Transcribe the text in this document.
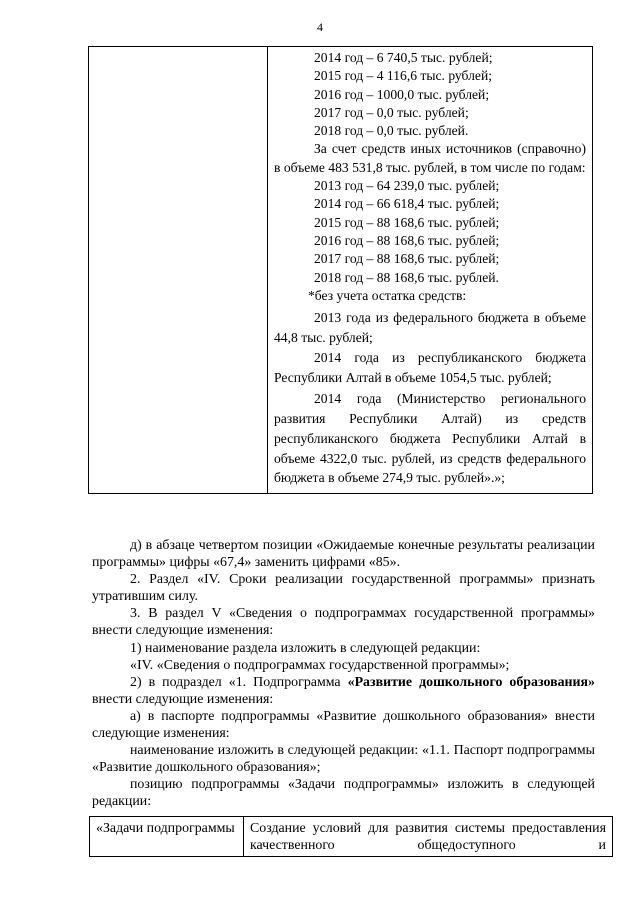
4

2014 год – 6 740,5 тыс. рублей;
2015 год – 4 116,6 тыс. рублей;
2016 год – 1000,0 тыс. рублей;
2017 год – 0,0 тыс. рублей;
2018 год – 0,0 тыс. рублей.
За счет средств иных источников (справочно) в объеме 483 531,8 тыс. рублей, в том числе по годам:
2013 год – 64 239,0 тыс. рублей;
2014 год – 66 618,4 тыс. рублей;
2015 год – 88 168,6 тыс. рублей;
2016 год – 88 168,6 тыс. рублей;
2017 год – 88 168,6 тыс. рублей;
2018 год – 88 168,6 тыс. рублей.
*без учета остатка средств:
2013 года из федерального бюджета в объеме 44,8 тыс. рублей;
2014 года из республиканского бюджета Республики Алтай в объеме 1054,5 тыс. рублей;
2014 года (Министерство регионального развития Республики Алтай) из средств республиканского бюджета Республики Алтай в объеме 4322,0 тыс. рублей, из средств федерального бюджета в объеме 274,9 тыс. рублей».»;

д) в абзаце четвертом позиции «Ожидаемые конечные результаты реализации программы» цифры «67,4» заменить цифрами «85».

2. Раздел «IV. Сроки реализации государственной программы» признать утратившим силу.

3. В раздел V «Сведения о подпрограммах государственной программы» внести следующие изменения:

1) наименование раздела изложить в следующей редакции:

«IV. «Сведения о подпрограммах государственной программы»;

2) в подраздел «1. Подпрограмма «Развитие дошкольного образования» внести следующие изменения:

а) в паспорте подпрограммы «Развитие дошкольного образования» внести следующие изменения:

наименование изложить в следующей редакции: «1.1. Паспорт подпрограммы «Развитие дошкольного образования»;

позицию подпрограммы «Задачи подпрограммы» изложить в следующей редакции:

«Задачи подпрограммы	Создание условий для развития системы предоставления качественного общедоступного и
